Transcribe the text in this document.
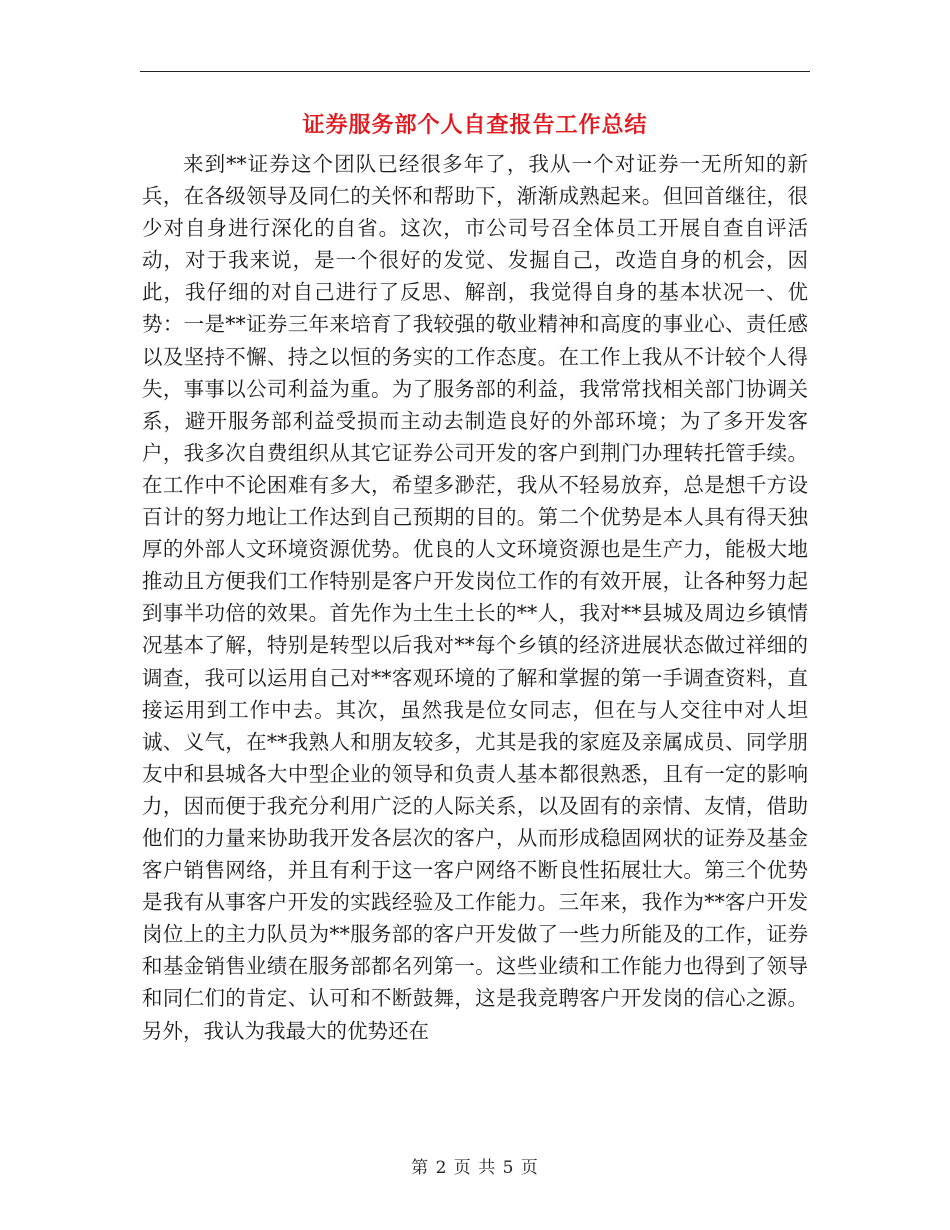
证券服务部个人自查报告工作总结

来到**证券这个团队已经很多年了，我从一个对证券一无所知的新兵，在各级领导及同仁的关怀和帮助下，渐渐成熟起来。但回首继往，很少对自身进行深化的自省。这次，市公司号召全体员工开展自查自评活动，对于我来说，是一个很好的发觉、发掘自己，改造自身的机会，因此，我仔细的对自己进行了反思、解剖，我觉得自身的基本状况一、优势：一是**证券三年来培育了我较强的敬业精神和高度的事业心、责任感以及坚持不懈、持之以恒的务实的工作态度。在工作上我从不计较个人得失，事事以公司利益为重。为了服务部的利益，我常常找相关部门协调关系，避开服务部利益受损而主动去制造良好的外部环境；为了多开发客户，我多次自费组织从其它证券公司开发的客户到荆门办理转托管手续。在工作中不论困难有多大，希望多渺茫，我从不轻易放弃，总是想千方设百计的努力地让工作达到自己预期的目的。第二个优势是本人具有得天独厚的外部人文环境资源优势。优良的人文环境资源也是生产力，能极大地推动且方便我们工作特别是客户开发岗位工作的有效开展，让各种努力起到事半功倍的效果。首先作为土生土长的**人，我对**县城及周边乡镇情况基本了解，特别是转型以后我对**每个乡镇的经济进展状态做过祥细的调查，我可以运用自己对**客观环境的了解和掌握的第一手调查资料，直接运用到工作中去。其次，虽然我是位女同志，但在与人交往中对人坦诚、义气，在**我熟人和朋友较多，尤其是我的家庭及亲属成员、同学朋友中和县城各大中型企业的领导和负责人基本都很熟悉，且有一定的影响力，因而便于我充分利用广泛的人际关系，以及固有的亲情、友情，借助他们的力量来协助我开发各层次的客户，从而形成稳固网状的证券及基金客户销售网络，并且有利于这一客户网络不断良性拓展壮大。第三个优势是我有从事客户开发的实践经验及工作能力。三年来，我作为**客户开发岗位上的主力队员为**服务部的客户开发做了一些力所能及的工作，证券和基金销售业绩在服务部都名列第一。这些业绩和工作能力也得到了领导和同仁们的肯定、认可和不断鼓舞，这是我竞聘客户开发岗的信心之源。另外，我认为我最大的优势还在

第 2 页 共 5 页
